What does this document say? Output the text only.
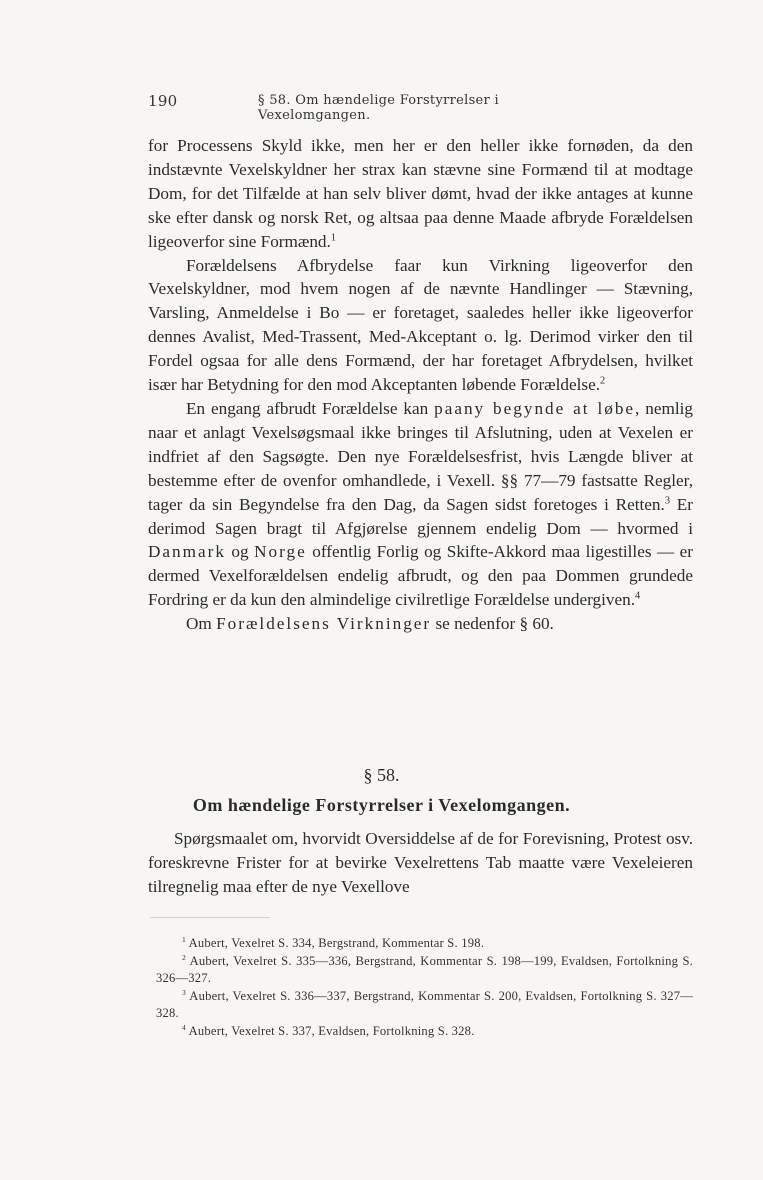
190	§ 58. Om hændelige Forstyrrelser i Vexelomgangen.

for Processens Skyld ikke, men her er den heller ikke fornøden, da den indstævnte Vexelskyldner her strax kan stævne sine Formænd til at modtage Dom, for det Tilfælde at han selv bliver dømt, hvad der ikke antages at kunne ske efter dansk og norsk Ret, og altsaa paa denne Maade afbryde Forældelsen ligeoverfor sine Formænd.$^1$

Forældelsens Afbrydelse faar kun Virkning ligeoverfor den Vexelskyldner, mod hvem nogen af de nævnte Handlinger — Stævning, Varsling, Anmeldelse i Bo — er foretaget, saaledes heller ikke ligeoverfor dennes Avalist, Med-Trassent, Med-Akceptant o. lg. Derimod virker den til Fordel ogsaa for alle dens Formænd, der har foretaget Afbrydelsen, hvilket især har Betydning for den mod Akceptanten løbende Forældelse.$^2$

En engang afbrudt Forældelse kan paany begynde at løbe, nemlig naar et anlagt Vexelsøgsmaal ikke bringes til Afslutning, uden at Vexelen er indfriet af den Sagsøgte. Den nye Forældelsesfrist, hvis Længde bliver at bestemme efter de ovenfor omhandlede, i Vexell. §§ 77—79 fastsatte Regler, tager da sin Begyndelse fra den Dag, da Sagen sidst foretoges i Retten.$^3$ Er derimod Sagen bragt til Afgjørelse gjennem endelig Dom — hvormed i Danmark og Norge offentlig Forlig og Skifte-Akkord maa ligestilles — er dermed Vexelforældelsen endelig afbrudt, og den paa Dommen grundede Fordring er da kun den almindelige civilretlige Forældelse undergiven.$^4$

Om Forældelsens Virkninger se nedenfor § 60.

§ 58.
Om hændelige Forstyrrelser i Vexelomgangen.

Spørgsmaalet om, hvorvidt Oversiddelse af de for Forevisning, Protest osv. foreskrevne Frister for at bevirke Vexelrettens Tab maatte være Vexeleieren tilregnelig maa efter de nye Vexellove

$^1$ Aubert, Vexelret S. 334, Bergstrand, Kommentar S. 198.

$^2$ Aubert, Vexelret S. 335—336, Bergstrand, Kommentar S. 198—199, Evaldsen, Fortolkning S. 326—327.

$^3$ Aubert, Vexelret S. 336—337, Bergstrand, Kommentar S. 200, Evaldsen, Fortolkning S. 327—328.

$^4$ Aubert, Vexelret S. 337, Evaldsen, Fortolkning S. 328.
